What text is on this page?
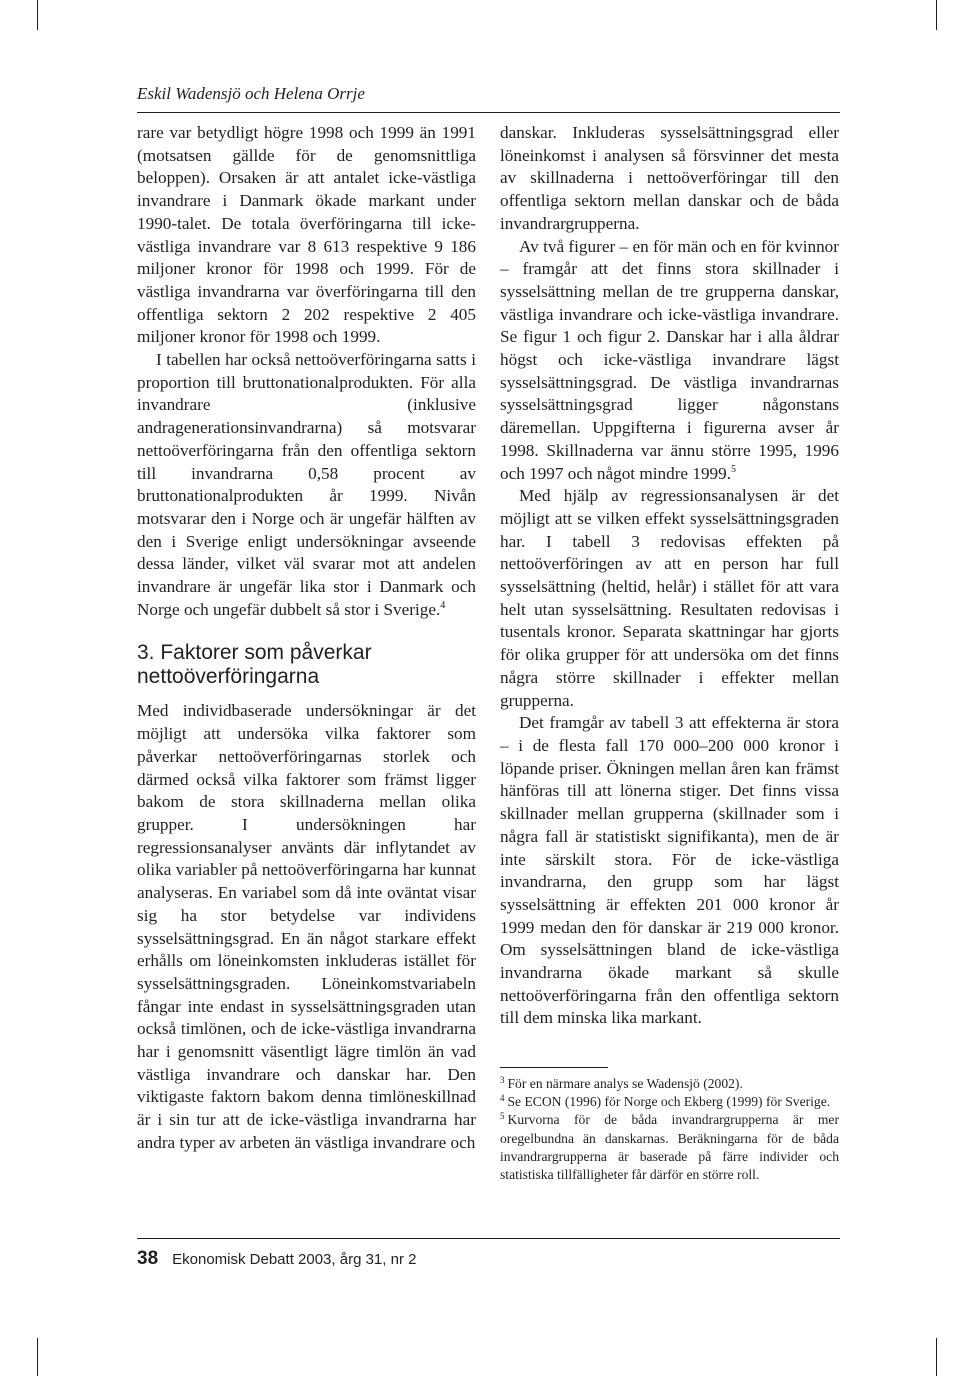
Eskil Wadensjö och Helena Orrje

rare var betydligt högre 1998 och 1999 än 1991 (motsatsen gällde för de genomsnittliga beloppen). Orsaken är att antalet icke-västliga invandrare i Danmark ökade markant under 1990-talet. De totala överföringarna till icke-västliga invandrare var 8 613 respektive 9 186 miljoner kronor för 1998 och 1999. För de västliga invandrarna var överföringarna till den offentliga sektorn 2 202 respektive 2 405 miljoner kronor för 1998 och 1999.

I tabellen har också nettoöverföringarna satts i proportion till bruttonationalprodukten. För alla invandrare (inklusive andragenerationsinvandrarna) så motsvarar nettoöverföringarna från den offentliga sektorn till invandrarna 0,58 procent av bruttonationalprodukten år 1999. Nivån motsvarar den i Norge och är ungefär hälften av den i Sverige enligt undersökningar avseende dessa länder, vilket väl svarar mot att andelen invandrare är ungefär lika stor i Danmark och Norge och ungefär dubbelt så stor i Sverige.$^4$

3. Faktorer som påverkar nettoöverföringarna

Med individbaserade undersökningar är det möjligt att undersöka vilka faktorer som påverkar nettoöverföringarnas storlek och därmed också vilka faktorer som främst ligger bakom de stora skillnaderna mellan olika grupper. I undersökningen har regressionsanalyser använts där inflytandet av olika variabler på nettoöverföringarna har kunnat analyseras. En variabel som då inte oväntat visar sig ha stor betydelse var individens sysselsättningsgrad. En än något starkare effekt erhålls om löneinkomsten inkluderas istället för sysselsättningsgraden. Löneinkomstvariabeln fångar inte endast in sysselsättningsgraden utan också timlönen, och de icke-västliga invandrarna har i genomsnitt väsentligt lägre timlön än vad västliga invandrare och danskar har. Den viktigaste faktorn bakom denna timlöneskillnad är i sin tur att de icke-västliga invandrarna har andra typer av arbeten än västliga invandrare och

danskar. Inkluderas sysselsättningsgrad eller löneinkomst i analysen så försvinner det mesta av skillnaderna i nettoöverföringar till den offentliga sektorn mellan danskar och de båda invandrargrupperna.

Av två figurer – en för män och en för kvinnor – framgår att det finns stora skillnader i sysselsättning mellan de tre grupperna danskar, västliga invandrare och icke-västliga invandrare. Se figur 1 och figur 2. Danskar har i alla åldrar högst och icke-västliga invandrare lägst sysselsättningsgrad. De västliga invandrarnas sysselsättningsgrad ligger någonstans däremellan. Uppgifterna i figurerna avser år 1998. Skillnaderna var ännu större 1995, 1996 och 1997 och något mindre 1999.$^5$

Med hjälp av regressionsanalysen är det möjligt att se vilken effekt sysselsättningsgraden har. I tabell 3 redovisas effekten på nettoöverföringen av att en person har full sysselsättning (heltid, helår) i stället för att vara helt utan sysselsättning. Resultaten redovisas i tusentals kronor. Separata skattningar har gjorts för olika grupper för att undersöka om det finns några större skillnader i effekter mellan grupperna.

Det framgår av tabell 3 att effekterna är stora – i de flesta fall 170 000–200 000 kronor i löpande priser. Ökningen mellan åren kan främst hänföras till att lönerna stiger. Det finns vissa skillnader mellan grupperna (skillnader som i några fall är statistiskt signifikanta), men de är inte särskilt stora. För de icke-västliga invandrarna, den grupp som har lägst sysselsättning är effekten 201 000 kronor år 1999 medan den för danskar är 219 000 kronor. Om sysselsättningen bland de icke-västliga invandrarna ökade markant så skulle nettoöverföringarna från den offentliga sektorn till dem minska lika markant.

$^3$ För en närmare analys se Wadensjö (2002).

$^4$ Se ECON (1996) för Norge och Ekberg (1999) för Sverige.

$^5$ Kurvorna för de båda invandrargrupperna är mer oregelbundna än danskarnas. Beräkningarna för de båda invandrargrupperna är baserade på färre individer och statistiska tillfälligheter får därför en större roll.

38 Ekonomisk Debatt 2003, årg 31, nr 2
